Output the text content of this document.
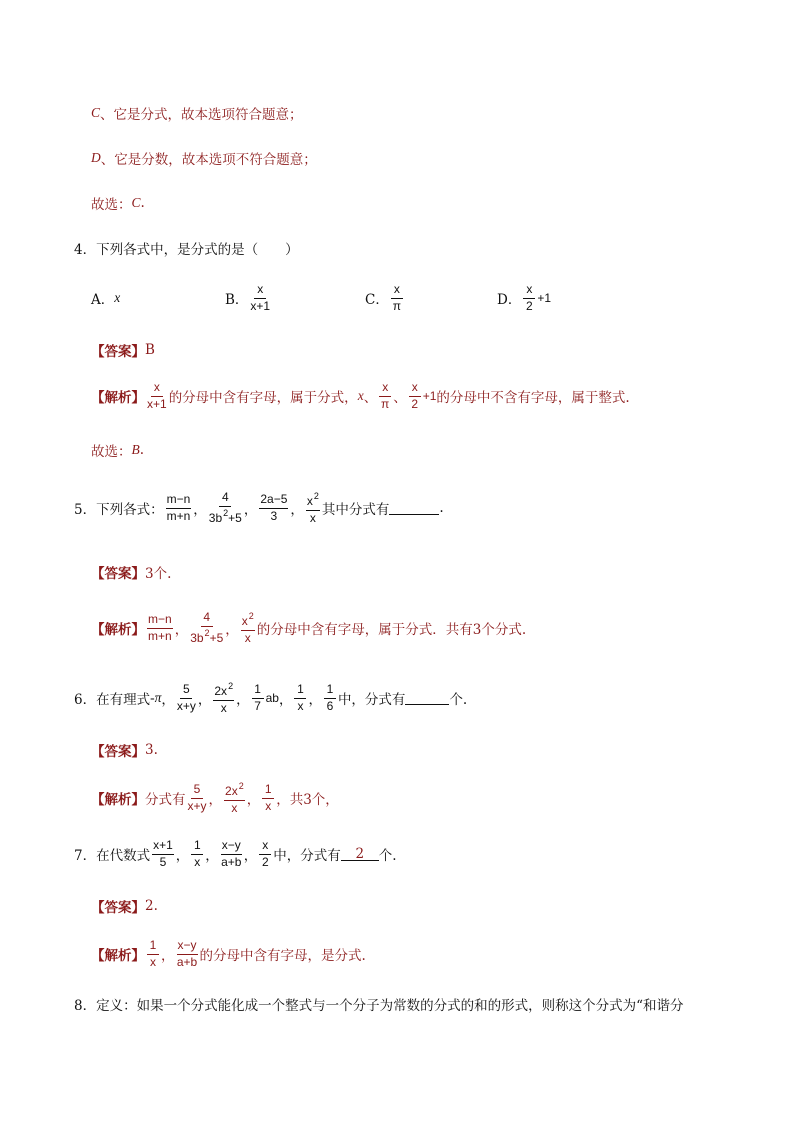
C 、它是分式，故本选项符合题意；
D 、它是分数，故本选项不符合题意；
故选： C .
4．下列各式中，是分式的是（　　）
A． x	B． $\frac{x}{x+1}$	C． $\frac{x}{\pi}$	D． $\frac{x}{2} +1$
【答案】 B
【解析】 $\frac{x}{x+1}$ 的分母中含有字母，属于分式， x 、 $\frac{x}{\pi}$ 、 $\frac{x}{2} +1$ 的分母中不含有字母，属于整式.
故选： B .
5．下列各式： $\frac{m-n}{m+n}$ ， $\frac{4}{3b^2+5}$ ， $\frac{2a-5}{3}$ ， $\frac{x^2}{x}$ 其中分式有	.
【答案】 3个.
【解析】 $\frac{m-n}{m+n}$ ， $\frac{4}{3b^2+5}$ ， $\frac{x^2}{x}$ 的分母中含有字母，属于分式．共有3个分式.
6．在有理式 -π ， $\frac{5}{x+y}$ ， $\frac{2x^2}{x}$ ， $\frac{1}{7}$ ab ， $\frac{1}{x}$ ， $\frac{1}{6}$ 中，分式有	个.
【答案】 3.
【解析】 分式有 $\frac{5}{x+y}$ ， $\frac{2x^2}{x}$ ， $\frac{1}{x}$ ，共3个，
7．在代数式 $\frac{x+1}{5}$ ， $\frac{1}{x}$ ， $\frac{x-y}{a+b}$ ， $\frac{x}{2}$ 中，分式有	2	个.
【答案】 2.
【解析】 $\frac{1}{x}$ ， $\frac{x-y}{a+b}$ 的分母中含有字母，是分式.
8．定义：如果一个分式能化成一个整式与一个分子为常数的分式的和的形式，则称这个分式为“和谐分
